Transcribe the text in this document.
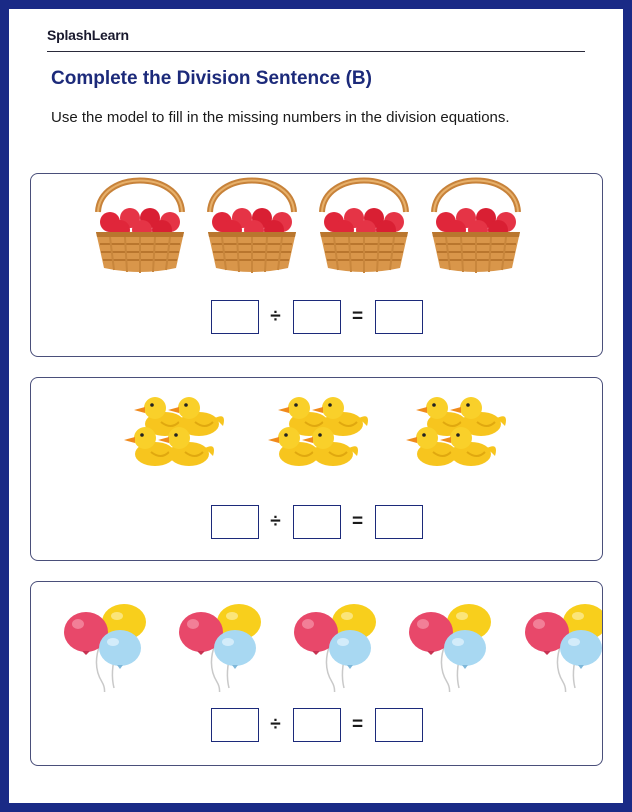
SplashLearn
Complete the Division Sentence (B)
Use the model to fill in the missing numbers in the division equations.
÷	=
÷	=
÷	=
